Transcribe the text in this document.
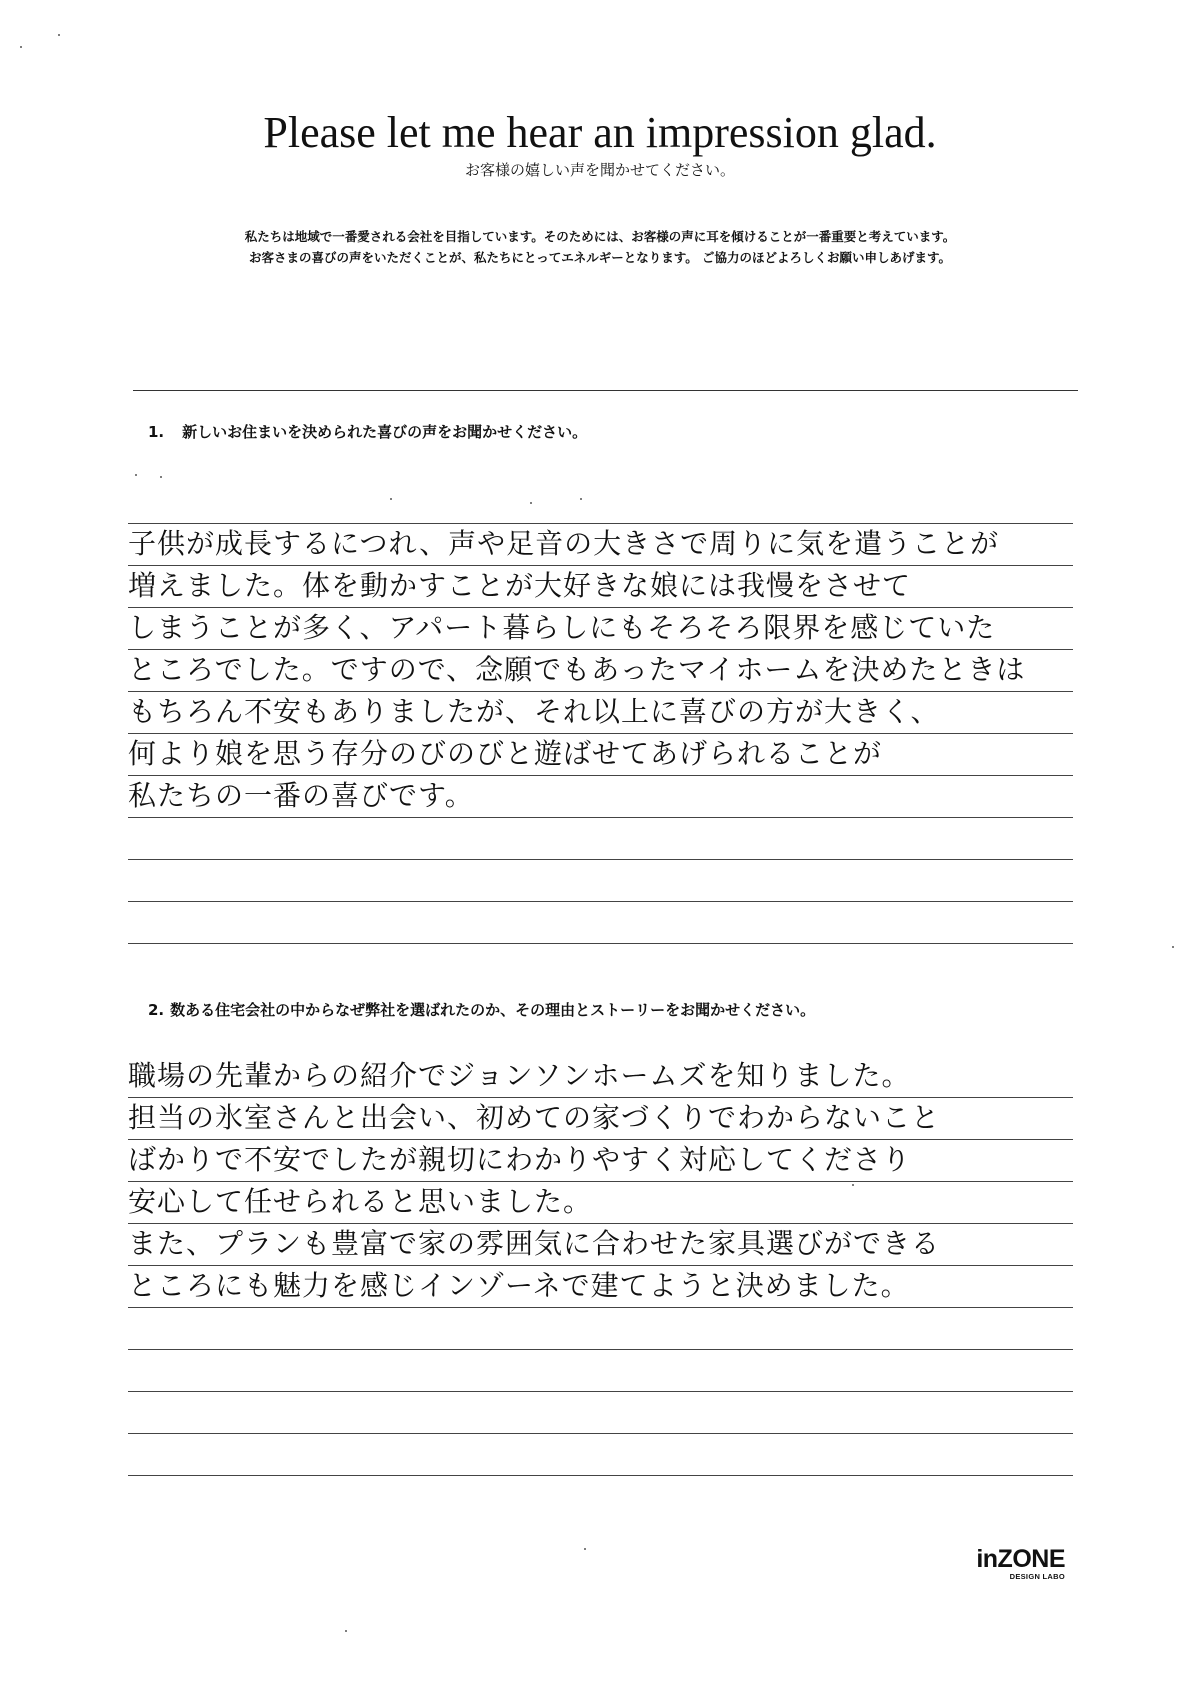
Please let me hear an impression glad.
お客様の嬉しい声を聞かせてください。
私たちは地域で一番愛される会社を目指しています。そのためには、お客様の声に耳を傾けることが一番重要と考えています。
お客さまの喜びの声をいただくことが、私たちにとってエネルギーとなります。 ご協力のほどよろしくお願い申しあげます。
1. 新しいお住まいを決められた喜びの声をお聞かせください。
子供が成長するにつれ、声や足音の大きさで周りに気を遣うことが
増えました。体を動かすことが大好きな娘には我慢をさせて
しまうことが多く、アパート暮らしにもそろそろ限界を感じていた
ところでした。ですので、念願でもあったマイホームを決めたときは
もちろん不安もありましたが、それ以上に喜びの方が大きく、
何より娘を思う存分のびのびと遊ばせてあげられることが
私たちの一番の喜びです。
2. 数ある住宅会社の中からなぜ弊社を選ばれたのか、その理由とストーリーをお聞かせください。
職場の先輩からの紹介でジョンソンホームズを知りました。
担当の氷室さんと出会い、初めての家づくりでわからないこと
ばかりで不安でしたが親切にわかりやすく対応してくださり
安心して任せられると思いました。
また、プランも豊富で家の雰囲気に合わせた家具選びができる
ところにも魅力を感じインゾーネで建てようと決めました。
inZONE
DESIGN LABO
